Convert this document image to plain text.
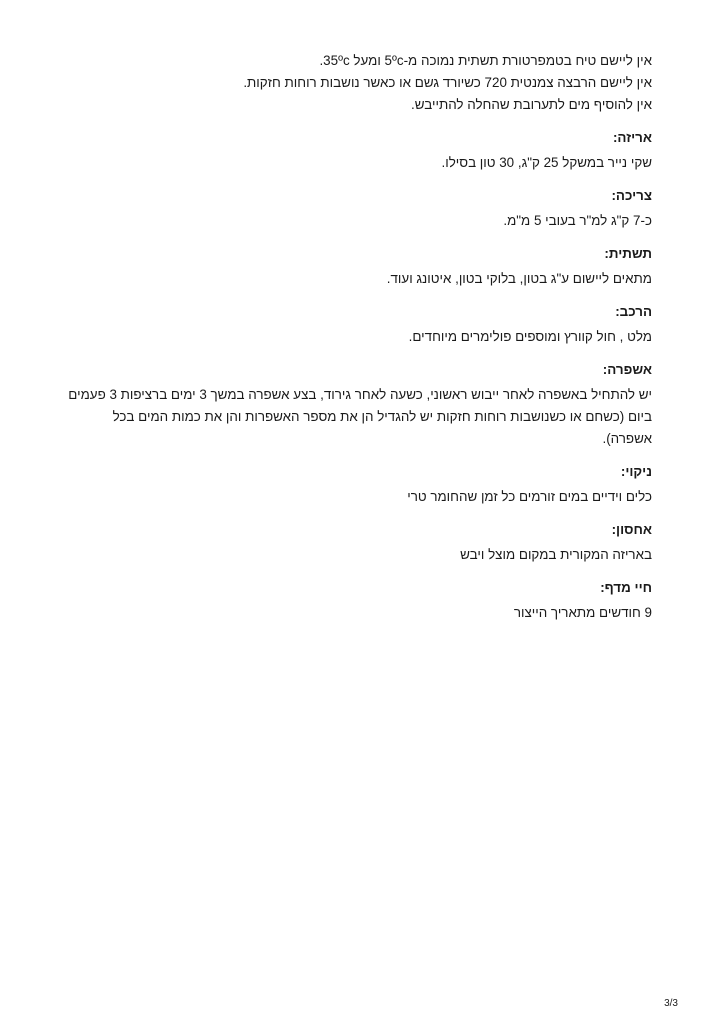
אין ליישם טיח בטמפרטורת תשתית נמוכה מ-5ºc ומעל 35ºc.
אין ליישם הרבצה צמנטית 720 כשיורד גשם או כאשר נושבות רוחות חזקות.
אין להוסיף מים לתערובת שהחלה להתייבש.
אריזה:

שקי נייר במשקל 25 ק"ג, 30 טון בסילו.

צריכה:

כ-7 ק"ג למ"ר בעובי 5 מ"מ.

תשתית:

מתאים ליישום ע"ג בטון, בלוקי בטון, איטונג ועוד.

הרכב:

מלט , חול קוורץ ומוספים פולימרים מיוחדים.

אשפרה:

יש להתחיל באשפרה לאחר ייבוש ראשוני, כשעה לאחר גירוד, בצע אשפרה במשך 3 ימים ברציפות 3 פעמים ביום (כשחם או כשנושבות רוחות חזקות יש להגדיל הן את מספר האשפרות והן את כמות המים בכל אשפרה).

ניקוי:

כלים וידיים במים זורמים כל זמן שהחומר טרי

אחסון:

באריזה המקורית במקום מוצל ויבש

חיי מדף:

9 חודשים מתאריך הייצור

3/3
